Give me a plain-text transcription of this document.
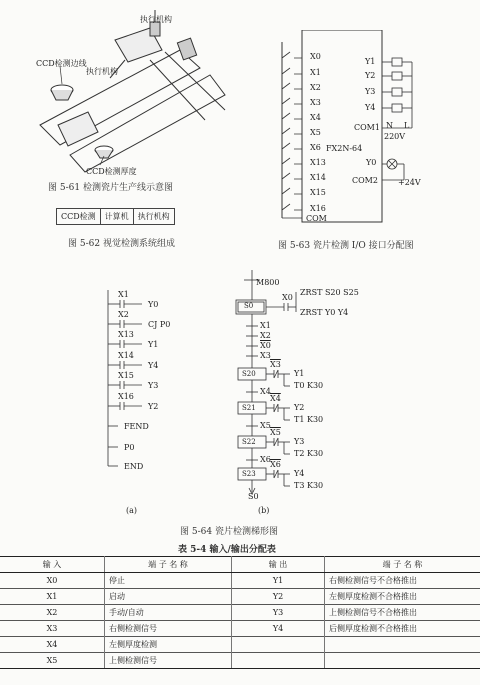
执行机构
CCD检测边线
执行机构
CCD检测厚度
图 5-61 检测瓷片生产线示意图
CCD检测	计算机	执行机构
图 5-62 视觉检测系统组成
X0
X1
X2
X3
X4
X5
X6
X13
X14
X15
X16
COM
Y1
Y2
Y3
Y4
COM1 N L
220V
FX2N-64
Y0
COM2	+24V
图 5-63 瓷片检测 I/O 接口分配图
X1
Y0
X2
CJ P0
X13
Y1
X14
Y4
X15
Y3
X16
Y2
FEND
P0
END
(a)
M800
S0
X0
ZRST S20 S25
ZRST Y0 Y4
X1
X2
X0
X3
S20
X3
Y1
T0 K30
X4
S21
X4
Y2
T1 K30
X5
S22
X5
Y3
T2 K30
X6
S23
X6
Y4
T3 K30
S0
(b)
图 5-64 瓷片检测梯形图
表 5-4 输入/输出分配表
输 入	端 子 名 称	输 出	端 子 名 称
X0	停止	Y1	右侧检测信号不合格推出
X1	启动	Y2	左侧厚度检测不合格推出
X2	手动/自动	Y3	上侧检测信号不合格推出
X3	右侧检测信号	Y4	后侧厚度检测不合格推出
X4	左侧厚度检测		
X5	上侧检测信号		
